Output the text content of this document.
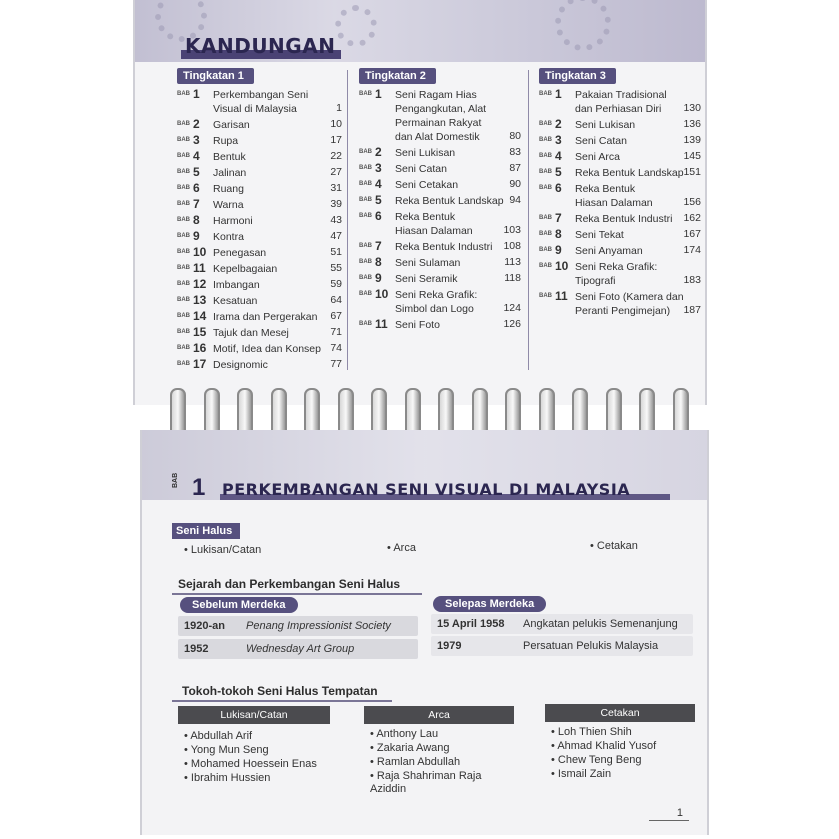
KANDUNGAN
Tingkatan 1
BAB 1 Perkembangan Seni
Visual di Malaysia	1
BAB 2 Garisan	10
BAB 3 Rupa	17
BAB 4 Bentuk	22
BAB 5 Jalinan	27
BAB 6 Ruang	31
BAB 7 Warna	39
BAB 8 Harmoni	43
BAB 9 Kontra	47
BAB 10 Penegasan	51
BAB 11 Kepelbagaian	55
BAB 12 Imbangan	59
BAB 13 Kesatuan	64
BAB 14 Irama dan Pergerakan 67
BAB 15 Tajuk dan Mesej	71
BAB 16 Motif, Idea dan Konsep 74
BAB 17 Designomic	77
Tingkatan 2
BAB 1 Seni Ragam Hias
Pengangkutan, Alat
Permainan Rakyat
dan Alat Domestik	80
BAB 2 Seni Lukisan	83
BAB 3 Seni Catan	87
BAB 4 Seni Cetakan	90
BAB 5 Reka Bentuk Landskap 94
BAB 6 Reka Bentuk
Hiasan Dalaman	103
BAB 7 Reka Bentuk Industri 108
BAB 8 Seni Sulaman	113
BAB 9 Seni Seramik	118
BAB 10 Seni Reka Grafik:
Simbol dan Logo	124
BAB 11 Seni Foto	126
Tingkatan 3
BAB 1 Pakaian Tradisional
dan Perhiasan Diri	130
BAB 2 Seni Lukisan	136
BAB 3 Seni Catan	139
BAB 4 Seni Arca	145
BAB 5 Reka Bentuk Landskap 151
BAB 6 Reka Bentuk
Hiasan Dalaman	156
BAB 7 Reka Bentuk Industri 162
BAB 8 Seni Tekat	167
BAB 9 Seni Anyaman	174
BAB 10 Seni Reka Grafik:
Tipografi	183
BAB 11 Seni Foto (Kamera dan
Peranti Pengimejan)	187
BAB 1 PERKEMBANGAN SENI VISUAL DI MALAYSIA
Seni Halus
• Lukisan/Catan	• Arca	• Cetakan
Sejarah dan Perkembangan Seni Halus
Sebelum Merdeka
1920-an Penang Impressionist Society
1952	Wednesday Art Group
Selepas Merdeka
15 April 1958 Angkatan pelukis Semenanjung
1979	Persatuan Pelukis Malaysia
Tokoh-tokoh Seni Halus Tempatan
Lukisan/Catan	Arca	Cetakan
• Abdullah Arif
• Yong Mun Seng
• Mohamed Hoessein Enas
• Ibrahim Hussien
• Anthony Lau
• Zakaria Awang
• Ramlan Abdullah
• Raja Shahriman Raja Aziddin
• Loh Thien Shih
• Ahmad Khalid Yusof
• Chew Teng Beng
• Ismail Zain
1
